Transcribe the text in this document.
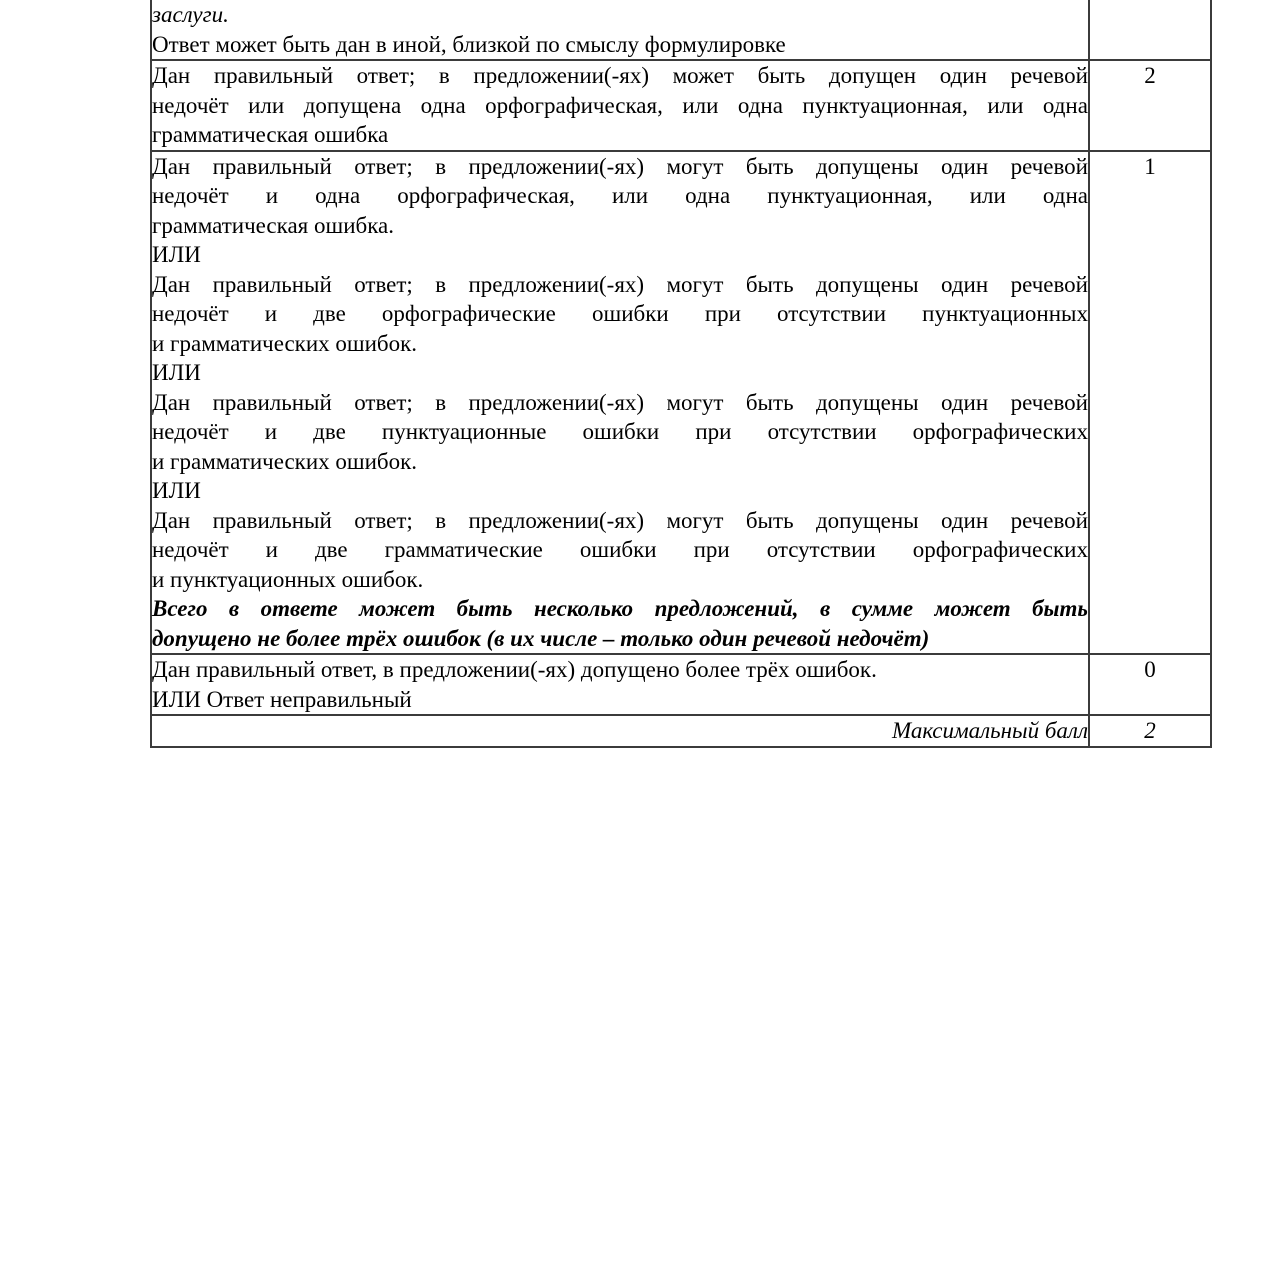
заслуги.
Ответ может быть дан в иной, близкой по смыслу формулировке	

Дан правильный ответ; в предложении(-ях) может быть допущен один речевой
недочёт или допущена одна орфографическая, или одна пунктуационная, или одна
грамматическая ошибка
	2

Дан правильный ответ; в предложении(-ях) могут быть допущены один речевой
недочёт и одна орфографическая, или одна пунктуационная, или одна
грамматическая ошибка.
ИЛИ
Дан правильный ответ; в предложении(-ях) могут быть допущены один речевой
недочёт и две орфографические ошибки при отсутствии пунктуационных
и грамматических ошибок.
ИЛИ
Дан правильный ответ; в предложении(-ях) могут быть допущены один речевой
недочёт и две пунктуационные ошибки при отсутствии орфографических
и грамматических ошибок.
ИЛИ
Дан правильный ответ; в предложении(-ях) могут быть допущены один речевой
недочёт и две грамматические ошибки при отсутствии орфографических
и пунктуационных ошибок.
Всего в ответе может быть несколько предложений, в сумме может быть
допущено не более трёх ошибок (в их числе – только один речевой недочёт)
	1

Дан правильный ответ, в предложении(-ях) допущено более трёх ошибок.
ИЛИ Ответ неправильный	0

Максимальный балл	2
